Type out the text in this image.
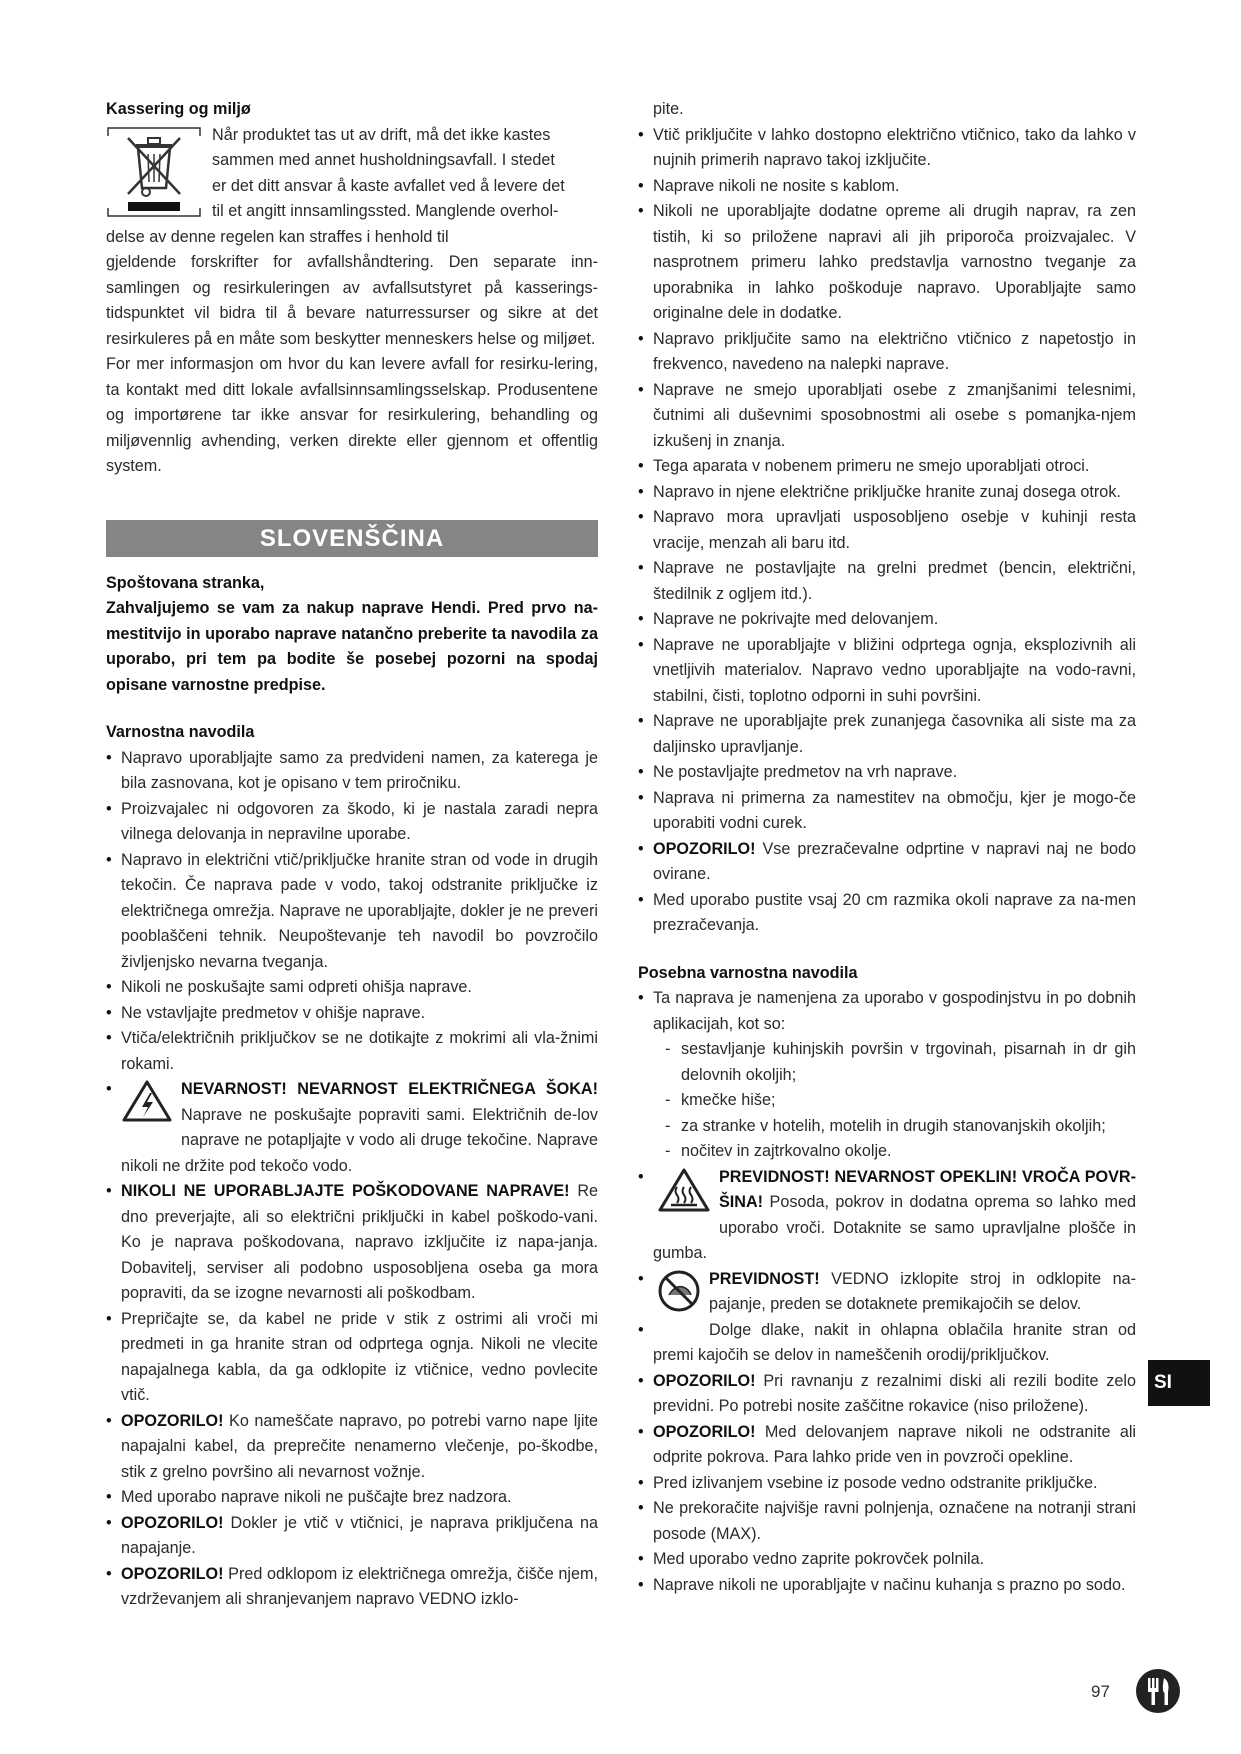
Kassering og miljø

Når produktet tas ut av drift, må det ikke kastes

sammen med annet husholdningsavfall. I stedet

er det ditt ansvar å kaste avfallet ved å levere det

til et angitt innsamlingssted. Manglende overhol-

delse av denne regelen kan straffes i henhold til

gjeldende forskrifter for avfallshåndtering. Den separate inn-samlingen og resirkuleringen av avfallsutstyret på kasserings-tidspunktet vil bidra til å bevare naturressurser og sikre at det resirkuleres på en måte som beskytter menneskers helse og miljøet.

For mer informasjon om hvor du kan levere avfall for resirku-lering, ta kontakt med ditt lokale avfallsinnsamlingsselskap. Produsentene og importørene tar ikke ansvar for resirkulering, behandling og miljøvennlig avhending, verken direkte eller gjennom et offentlig system.

SLOVENŠČINA

Spoštovana stranka,

Zahvaljujemo se vam za nakup naprave Hendi. Pred prvo na-mestitvijo in uporabo naprave natančno preberite ta navodila za uporabo, pri tem pa bodite še posebej pozorni na spodaj opisane varnostne predpise.

Varnostna navodila

• Napravo uporabljajte samo za predvideni namen, za katerega je bila zasnovana, kot je opisano v tem priročniku.
• Proizvajalec ni odgovoren za škodo, ki je nastala zaradi nepra vilnega delovanja in nepravilne uporabe.
• Napravo in električni vtič/priključke hranite stran od vode in drugih tekočin. Če naprava pade v vodo, takoj odstranite priključke iz električnega omrežja. Naprave ne uporabljajte, dokler je ne preveri pooblaščeni tehnik. Neupoštevanje teh navodil bo povzročilo življenjsko nevarna tveganja.
• Nikoli ne poskušajte sami odpreti ohišja naprave.
• Ne vstavljajte predmetov v ohišje naprave.
• Vtiča/električnih priključkov se ne dotikajte z mokrimi ali vla-žnimi rokami.
• NEVARNOST! NEVARNOST ELEKTRIČNEGA ŠOKA! Naprave ne poskušajte popraviti sami. Električnih de-lov naprave ne potapljajte v vodo ali druge tekočine. Naprave nikoli ne držite pod tekočo vodo.
• NIKOLI NE UPORABLJAJTE POŠKODOVANE NAPRAVE! Re dno preverjajte, ali so električni priključki in kabel poškodo-vani. Ko je naprava poškodovana, napravo izključite iz napa-janja. Dobavitelj, serviser ali podobno usposobljena oseba ga mora popraviti, da se izogne nevarnosti ali poškodbam.
• Prepričajte se, da kabel ne pride v stik z ostrimi ali vroči mi predmeti in ga hranite stran od odprtega ognja. Nikoli ne vlecite napajalnega kabla, da ga odklopite iz vtičnice, vedno povlecite vtič.
• OPOZORILO! Ko nameščate napravo, po potrebi varno nape ljite napajalni kabel, da preprečite nenamerno vlečenje, po-škodbe, stik z grelno površino ali nevarnost vožnje.
• Med uporabo naprave nikoli ne puščajte brez nadzora.
• OPOZORILO! Dokler je vtič v vtičnici, je naprava priključena na napajanje.
• OPOZORILO! Pred odklopom iz električnega omrežja, čišče njem, vzdrževanjem ali shranjevanjem napravo VEDNO izklo-

pite.

• Vtič priključite v lahko dostopno električno vtičnico, tako da lahko v nujnih primerih napravo takoj izključite.
• Naprave nikoli ne nosite s kablom.
• Nikoli ne uporabljajte dodatne opreme ali drugih naprav, ra zen tistih, ki so priložene napravi ali jih priporoča proizvajalec. V nasprotnem primeru lahko predstavlja varnostno tveganje za uporabnika in lahko poškoduje napravo. Uporabljajte samo originalne dele in dodatke.
• Napravo priključite samo na električno vtičnico z napetostjo in frekvenco, navedeno na nalepki naprave.
• Naprave ne smejo uporabljati osebe z zmanjšanimi telesnimi, čutnimi ali duševnimi sposobnostmi ali osebe s pomanjka-njem izkušenj in znanja.
• Tega aparata v nobenem primeru ne smejo uporabljati otroci.
• Napravo in njene električne priključke hranite zunaj dosega otrok.
• Napravo mora upravljati usposobljeno osebje v kuhinji resta vracije, menzah ali baru itd.
• Naprave ne postavljajte na grelni predmet (bencin, električni, štedilnik z ogljem itd.).
• Naprave ne pokrivajte med delovanjem.
• Naprave ne uporabljajte v bližini odprtega ognja, eksplozivnih ali vnetljivih materialov. Napravo vedno uporabljajte na vodo-ravni, stabilni, čisti, toplotno odporni in suhi površini.
• Naprave ne uporabljajte prek zunanjega časovnika ali siste ma za daljinsko upravljanje.
• Ne postavljajte predmetov na vrh naprave.
• Naprava ni primerna za namestitev na območju, kjer je mogo-če uporabiti vodni curek.
• OPOZORILO! Vse prezračevalne odprtine v napravi naj ne bodo ovirane.
• Med uporabo pustite vsaj 20 cm razmika okoli naprave za na-men prezračevanja.

Posebna varnostna navodila

• Ta naprava je namenjena za uporabo v gospodinjstvu in po dobnih aplikacijah, kot so:
- sestavljanje kuhinjskih površin v trgovinah, pisarnah in dr gih delovnih okoljih;
- kmečke hiše;
- za stranke v hotelih, motelih in drugih stanovanjskih okoljih;
- nočitev in zajtrkovalno okolje.
• PREVIDNOST! NEVARNOST OPEKLIN! VROČA POVR- ŠINA! Posoda, pokrov in dodatna oprema so lahko med uporabo vroči. Dotaknite se samo upravljalne plošče in gumba.
• PREVIDNOST! VEDNO izklopite stroj in odklopite na-pajanje, preden se dotaknete premikajočih se delov.
• Dolge dlake, nakit in ohlapna oblačila hranite stran od premi kajočih se delov in nameščenih orodij/priključkov.
• OPOZORILO! Pri ravnanju z rezalnimi diski ali rezili bodite zelo previdni. Po potrebi nosite zaščitne rokavice (niso priložene).
• OPOZORILO! Med delovanjem naprave nikoli ne odstranite ali odprite pokrova. Para lahko pride ven in povzroči opekline.
• Pred izlivanjem vsebine iz posode vedno odstranite priključke.
• Ne prekoračite najvišje ravni polnjenja, označene na notranji strani posode (MAX).
• Med uporabo vedno zaprite pokrovček polnila.
• Naprave nikoli ne uporabljajte v načinu kuhanja s prazno po sodo.
SI
97
